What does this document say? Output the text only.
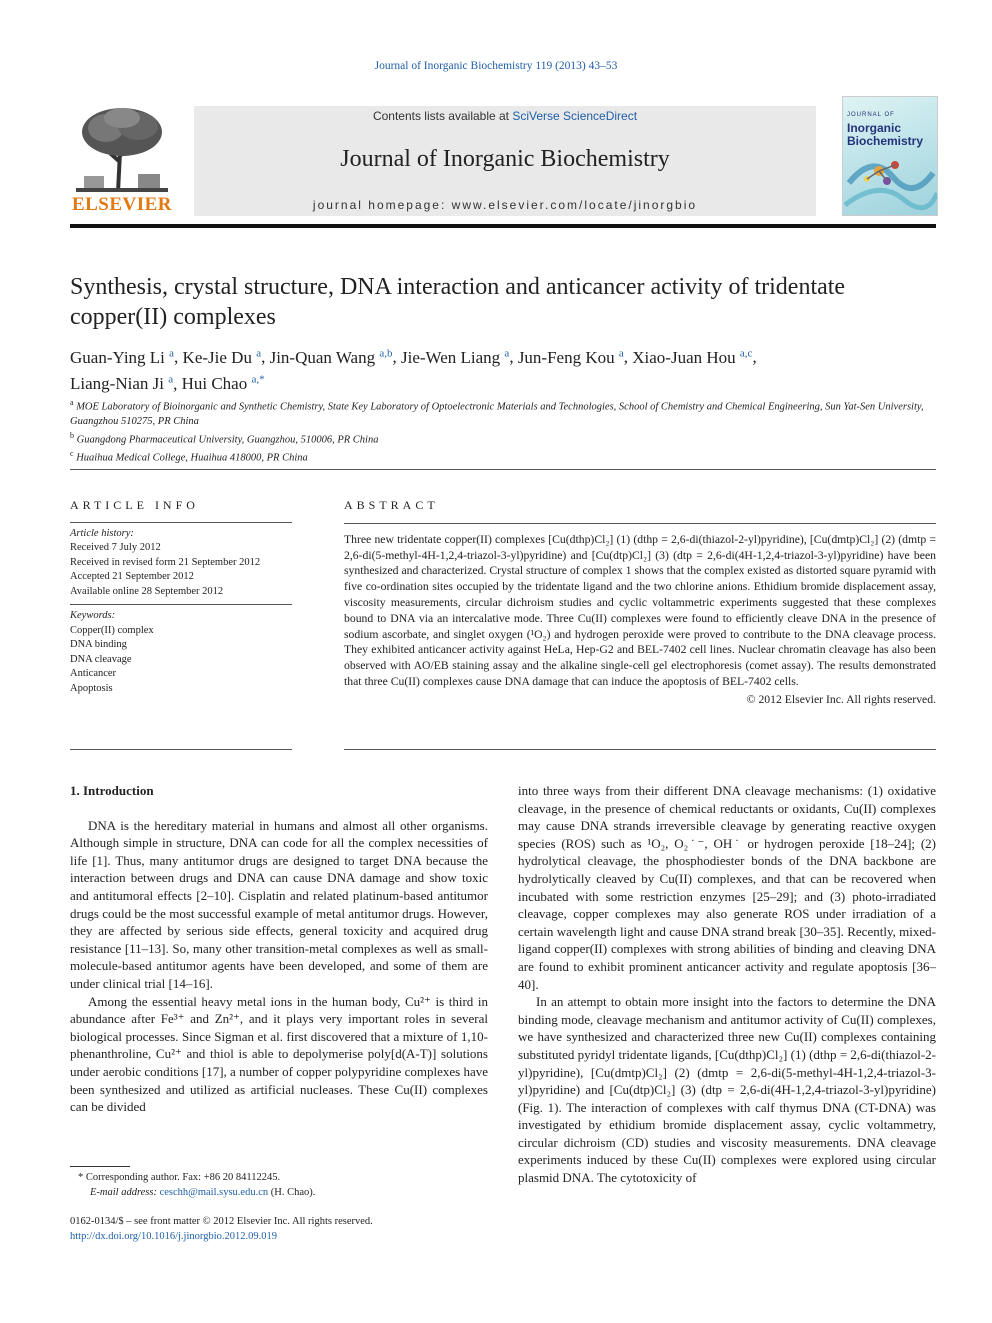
Journal of Inorganic Biochemistry 119 (2013) 43–53
ELSEVIER
Contents lists available at SciVerse ScienceDirect
Journal of Inorganic Biochemistry
journal homepage: www.elsevier.com/locate/jinorgbio
JOURNAL OF
Inorganic
Biochemistry
Synthesis, crystal structure, DNA interaction and anticancer activity of tridentate copper(II) complexes
Guan-Ying Li $^a$, Ke-Jie Du $^a$, Jin-Quan Wang $^{a,b}$, Jie-Wen Liang $^a$, Jun-Feng Kou $^a$, Xiao-Juan Hou $^{a,c}$,
Liang-Nian Ji $^a$, Hui Chao $^{a,*}$
$^a$ MOE Laboratory of Bioinorganic and Synthetic Chemistry, State Key Laboratory of Optoelectronic Materials and Technologies, School of Chemistry and Chemical Engineering, Sun Yat-Sen University, Guangzhou 510275, PR China
$^b$ Guangdong Pharmaceutical University, Guangzhou, 510006, PR China
$^c$ Huaihua Medical College, Huaihua 418000, PR China
ARTICLE INFO
Article history:
Received 7 July 2012
Received in revised form 21 September 2012
Accepted 21 September 2012
Available online 28 September 2012
Keywords:
Copper(II) complex
DNA binding
DNA cleavage
Anticancer
Apoptosis
ABSTRACT
Three new tridentate copper(II) complexes [Cu(dthp)Cl₂] (1) (dthp = 2,6-di(thiazol-2-yl)pyridine), [Cu(dmtp)Cl₂] (2) (dmtp = 2,6-di(5-methyl-4H-1,2,4-triazol-3-yl)pyridine) and [Cu(dtp)Cl₂] (3) (dtp = 2,6-di(4H-1,2,4-triazol-3-yl)pyridine) have been synthesized and characterized. Crystal structure of complex 1 shows that the complex existed as distorted square pyramid with five co-ordination sites occupied by the tridentate ligand and the two chlorine anions. Ethidium bromide displacement assay, viscosity measurements, circular dichroism studies and cyclic voltammetric experiments suggested that these complexes bound to DNA via an intercalative mode. Three Cu(II) complexes were found to efficiently cleave DNA in the presence of sodium ascorbate, and singlet oxygen (¹O₂) and hydrogen peroxide were proved to contribute to the DNA cleavage process. They exhibited anticancer activity against HeLa, Hep-G2 and BEL-7402 cell lines. Nuclear chromatin cleavage has also been observed with AO/EB staining assay and the alkaline single-cell gel electrophoresis (comet assay). The results demonstrated that three Cu(II) complexes cause DNA damage that can induce the apoptosis of BEL-7402 cells.
© 2012 Elsevier Inc. All rights reserved.
1. Introduction

DNA is the hereditary material in humans and almost all other organisms. Although simple in structure, DNA can code for all the complex necessities of life [1]. Thus, many antitumor drugs are designed to target DNA because the interaction between drugs and DNA can cause DNA damage and show toxic and antitumoral effects [2–10]. Cisplatin and related platinum-based antitumor drugs could be the most successful example of metal antitumor drugs. However, they are affected by serious side effects, general toxicity and acquired drug resistance [11–13]. So, many other transition-metal complexes as well as small-molecule-based antitumor agents have been developed, and some of them are under clinical trial [14–16].

Among the essential heavy metal ions in the human body, Cu²⁺ is third in abundance after Fe³⁺ and Zn²⁺, and it plays very important roles in several biological processes. Since Sigman et al. first discovered that a mixture of 1,10-phenanthroline, Cu²⁺ and thiol is able to depolymerise poly[d(A-T)] solutions under aerobic conditions [17], a number of copper polypyridine complexes have been synthesized and utilized as artificial nucleases. These Cu(II) complexes can be divided

into three ways from their different DNA cleavage mechanisms: (1) oxidative cleavage, in the presence of chemical reductants or oxidants, Cu(II) complexes may cause DNA strands irreversible cleavage by generating reactive oxygen species (ROS) such as ¹O₂, O₂˙⁻, OH˙ or hydrogen peroxide [18–24]; (2) hydrolytical cleavage, the phosphodiester bonds of the DNA backbone are hydrolytically cleaved by Cu(II) complexes, and that can be recovered when incubated with some restriction enzymes [25–29]; and (3) photo-irradiated cleavage, copper complexes may also generate ROS under irradiation of a certain wavelength light and cause DNA strand break [30–35]. Recently, mixed-ligand copper(II) complexes with strong abilities of binding and cleaving DNA are found to exhibit prominent anticancer activity and regulate apoptosis [36–40].

In an attempt to obtain more insight into the factors to determine the DNA binding mode, cleavage mechanism and antitumor activity of Cu(II) complexes, we have synthesized and characterized three new Cu(II) complexes containing substituted pyridyl tridentate ligands, [Cu(dthp)Cl₂] (1) (dthp = 2,6-di(thiazol-2-yl)pyridine), [Cu(dmtp)Cl₂] (2) (dmtp = 2,6-di(5-methyl-4H-1,2,4-triazol-3-yl)pyridine) and [Cu(dtp)Cl₂] (3) (dtp = 2,6-di(4H-1,2,4-triazol-3-yl)pyridine) (Fig. 1). The interaction of complexes with calf thymus DNA (CT-DNA) was investigated by ethidium bromide displacement assay, cyclic voltammetry, circular dichroism (CD) studies and viscosity measurements. DNA cleavage experiments induced by these Cu(II) complexes were explored using circular plasmid DNA. The cytotoxicity of

* Corresponding author. Fax: +86 20 84112245.
E-mail address: ceschh@mail.sysu.edu.cn (H. Chao).
0162-0134/$ – see front matter © 2012 Elsevier Inc. All rights reserved.
http://dx.doi.org/10.1016/j.jinorgbio.2012.09.019
